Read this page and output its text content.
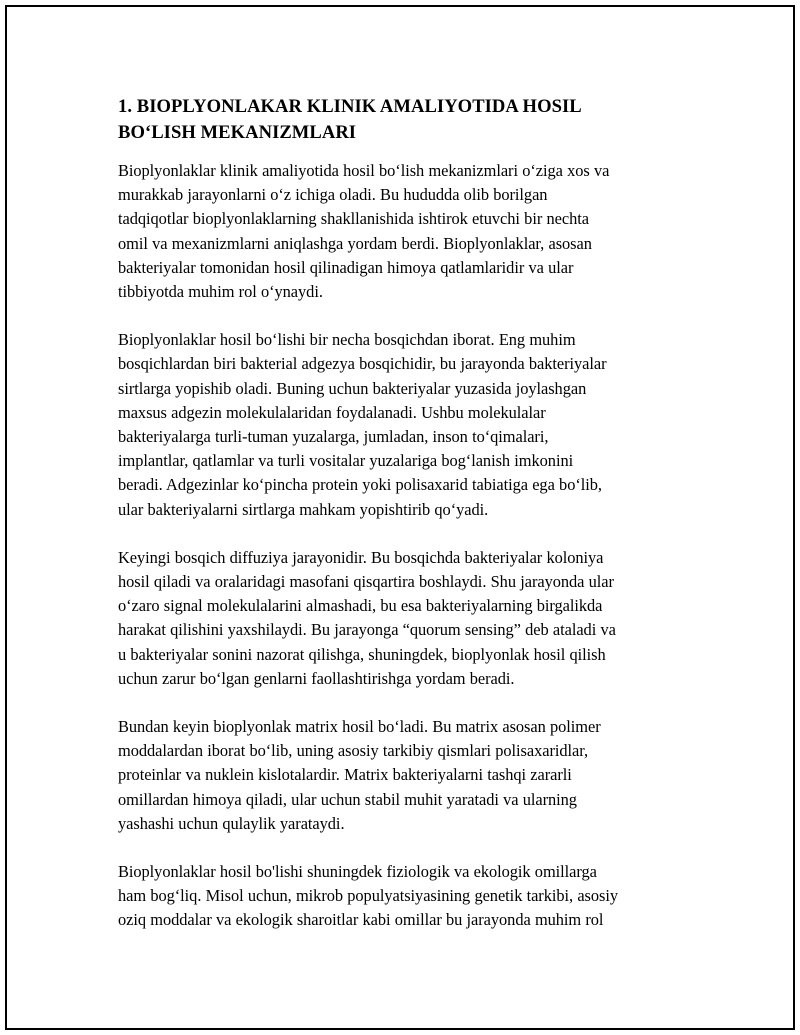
1. BIOPLYONLAKAR KLINIK AMALIYOTIDA HOSIL
BO‘LISH MEKANIZMLARI

Bioplyonlaklar klinik amaliyotida hosil bo‘lish mekanizmlari o‘ziga xos va
murakkab jarayonlarni o‘z ichiga oladi. Bu hududda olib borilgan
tadqiqotlar bioplyonlaklarning shakllanishida ishtirok etuvchi bir nechta
omil va mexanizmlarni aniqlashga yordam berdi. Bioplyonlaklar, asosan
bakteriyalar tomonidan hosil qilinadigan himoya qatlamlaridir va ular
tibbiyotda muhim rol o‘ynaydi.

Bioplyonlaklar hosil bo‘lishi bir necha bosqichdan iborat. Eng muhim
bosqichlardan biri bakterial adgezya bosqichidir, bu jarayonda bakteriyalar
sirtlarga yopishib oladi. Buning uchun bakteriyalar yuzasida joylashgan
maxsus adgezin molekulalaridan foydalanadi. Ushbu molekulalar
bakteriyalarga turli-tuman yuzalarga, jumladan, inson to‘qimalari,
implantlar, qatlamlar va turli vositalar yuzalariga bog‘lanish imkonini
beradi. Adgezinlar ko‘pincha protein yoki polisaxarid tabiatiga ega bo‘lib,
ular bakteriyalarni sirtlarga mahkam yopishtirib qo‘yadi.

Keyingi bosqich diffuziya jarayonidir. Bu bosqichda bakteriyalar koloniya
hosil qiladi va oralaridagi masofani qisqartira boshlaydi. Shu jarayonda ular
o‘zaro signal molekulalarini almashadi, bu esa bakteriyalarning birgalikda
harakat qilishini yaxshilaydi. Bu jarayonga “quorum sensing” deb ataladi va
u bakteriyalar sonini nazorat qilishga, shuningdek, bioplyonlak hosil qilish
uchun zarur bo‘lgan genlarni faollashtirishga yordam beradi.

Bundan keyin bioplyonlak matrix hosil bo‘ladi. Bu matrix asosan polimer
moddalardan iborat bo‘lib, uning asosiy tarkibiy qismlari polisaxaridlar,
proteinlar va nuklein kislotalardir. Matrix bakteriyalarni tashqi zararli
omillardan himoya qiladi, ular uchun stabil muhit yaratadi va ularning
yashashi uchun qulaylik yarataydi.

Bioplyonlaklar hosil bo'lishi shuningdek fiziologik va ekologik omillarga
ham bog‘liq. Misol uchun, mikrob populyatsiyasining genetik tarkibi, asosiy
oziq moddalar va ekologik sharoitlar kabi omillar bu jarayonda muhim rol
